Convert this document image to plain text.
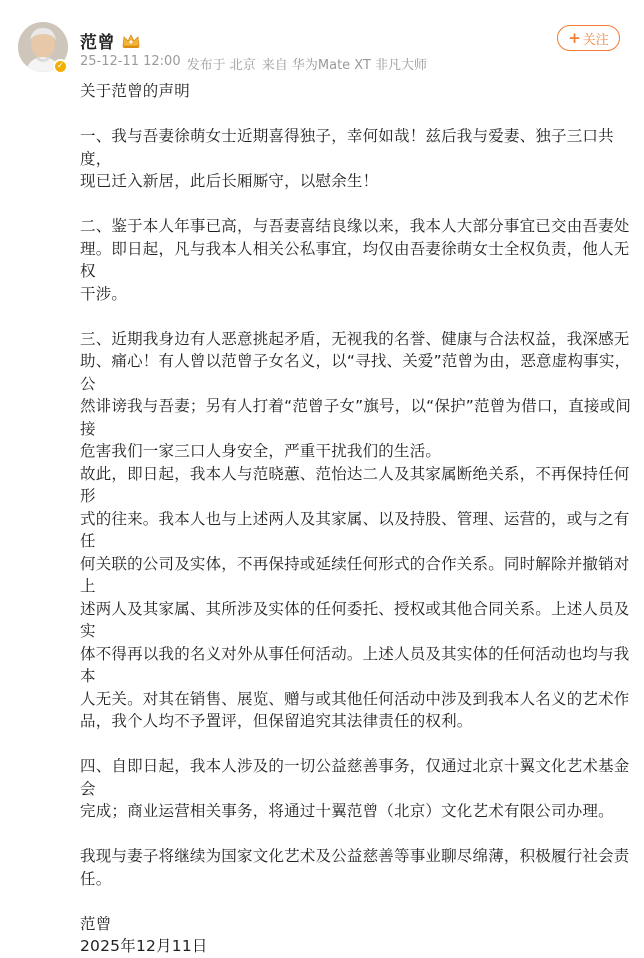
✓
范曾
25-12-11 12:00 发布于 北京 来自 华为Mate XT 非凡大师
+ 关注

关于范曾的声明

一、我与吾妻徐萌女士近期喜得独子，幸何如哉！兹后我与爱妻、独子三口共度，
现已迁入新居，此后长厢厮守，以慰余生！

二、鉴于本人年事已高，与吾妻喜结良缘以来，我本人大部分事宜已交由吾妻处
理。即日起，凡与我本人相关公私事宜，均仅由吾妻徐萌女士全权负责，他人无权
干涉。

三、近期我身边有人恶意挑起矛盾，无视我的名誉、健康与合法权益，我深感无
助、痛心！有人曾以范曾子女名义，以“寻找、关爱”范曾为由，恶意虚构事实，公
然诽谤我与吾妻；另有人打着“范曾子女”旗号，以“保护”范曾为借口，直接或间接
危害我们一家三口人身安全，严重干扰我们的生活。
故此，即日起，我本人与范晓蕙、范怡达二人及其家属断绝关系，不再保持任何形
式的往来。我本人也与上述两人及其家属、以及持股、管理、运营的，或与之有任
何关联的公司及实体，不再保持或延续任何形式的合作关系。同时解除并撤销对上
述两人及其家属、其所涉及实体的任何委托、授权或其他合同关系。上述人员及实
体不得再以我的名义对外从事任何活动。上述人员及其实体的任何活动也均与我本
人无关。对其在销售、展览、赠与或其他任何活动中涉及到我本人名义的艺术作
品，我个人均不予置评，但保留追究其法律责任的权利。

四、自即日起，我本人涉及的一切公益慈善事务，仅通过北京十翼文化艺术基金会
完成；商业运营相关事务，将通过十翼范曾（北京）文化艺术有限公司办理。

我现与妻子将继续为国家文化艺术及公益慈善等事业聊尽绵薄，积极履行社会责
任。

范曾

2025年12月11日
